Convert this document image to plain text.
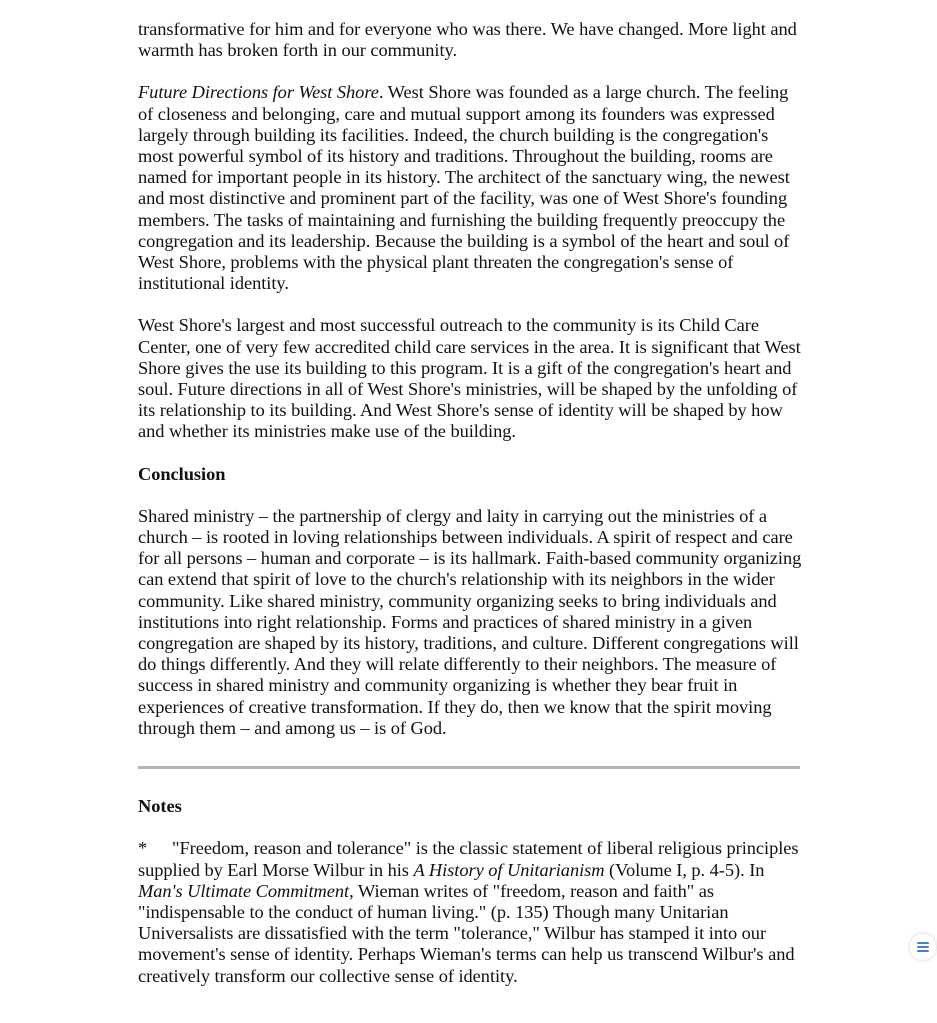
transformative for him and for everyone who was there. We have changed. More light and warmth has broken forth in our community.

Future Directions for West Shore. West Shore was founded as a large church. The feeling of closeness and belonging, care and mutual support among its founders was expressed largely through building its facilities. Indeed, the church building is the congregation's most powerful symbol of its history and traditions. Throughout the building, rooms are named for important people in its history. The architect of the sanctuary wing, the newest and most distinctive and prominent part of the facility, was one of West Shore's founding members. The tasks of maintaining and furnishing the building frequently preoccupy the congregation and its leadership. Because the building is a symbol of the heart and soul of West Shore, problems with the physical plant threaten the congregation's sense of institutional identity.

West Shore's largest and most successful outreach to the community is its Child Care Center, one of very few accredited child care services in the area. It is significant that West Shore gives the use its building to this program. It is a gift of the congregation's heart and soul. Future directions in all of West Shore's ministries, will be shaped by the unfolding of its relationship to its building. And West Shore's sense of identity will be shaped by how and whether its ministries make use of the building.

Conclusion

Shared ministry – the partnership of clergy and laity in carrying out the ministries of a church – is rooted in loving relationships between individuals. A spirit of respect and care for all persons – human and corporate – is its hallmark. Faith-based community organizing can extend that spirit of love to the church's relationship with its neighbors in the wider community. Like shared ministry, community organizing seeks to bring individuals and institutions into right relationship. Forms and practices of shared ministry in a given congregation are shaped by its history, traditions, and culture. Different congregations will do things differently. And they will relate differently to their neighbors. The measure of success in shared ministry and community organizing is whether they bear fruit in experiences of creative transformation. If they do, then we know that the spirit moving through them – and among us – is of God.

Notes

* "Freedom, reason and tolerance" is the classic statement of liberal religious principles supplied by Earl Morse Wilbur in his A History of Unitarianism (Volume I, p. 4-5). In Man's Ultimate Commitment, Wieman writes of "freedom, reason and faith" as "indispensable to the conduct of human living." (p. 135) Though many Unitarian Universalists are dissatisfied with the term "tolerance," Wilbur has stamped it into our movement's sense of identity. Perhaps Wieman's terms can help us transcend Wilbur's and creatively transform our collective sense of identity.
